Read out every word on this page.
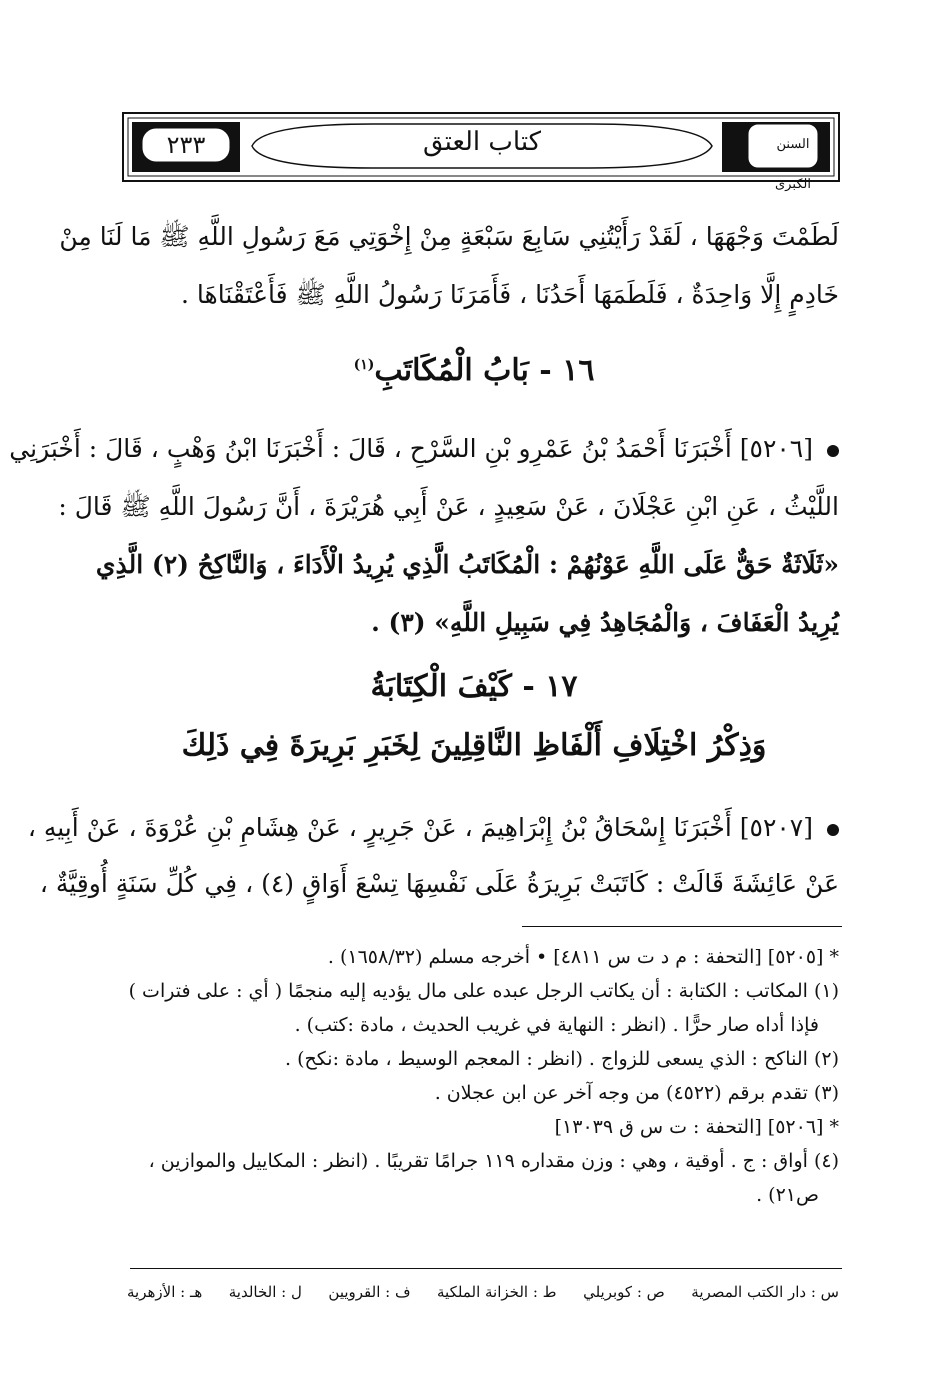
السنن الكبرى
كتاب العتق
٢٣٣
لَطَمْتَ وَجْهَهَا ، لَقَدْ رَأَيْتُنِي سَابِعَ سَبْعَةٍ مِنْ إِخْوَتِي مَعَ رَسُولِ اللَّهِ ﷺ مَا لَنَا مِنْ
خَادِمٍ إِلَّا وَاحِدَةٌ ، فَلَطَمَهَا أَحَدُنَا ، فَأَمَرَنَا رَسُولُ اللَّهِ ﷺ فَأَعْتَقْنَاهَا .
١٦ - بَابُ الْمُكَاتَبِ$^{(١)}$
[٥٢٠٦] أَخْبَرَنَا أَحْمَدُ بْنُ عَمْرِو بْنِ السَّرْحِ ، قَالَ : أَخْبَرَنَا ابْنُ وَهْبٍ ، قَالَ : أَخْبَرَنِي
اللَّيْثُ ، عَنِ ابْنِ عَجْلَانَ ، عَنْ سَعِيدٍ ، عَنْ أَبِي هُرَيْرَةَ ، أَنَّ رَسُولَ اللَّهِ ﷺ قَالَ :
«ثَلَاثَةٌ حَقٌّ عَلَى اللَّهِ عَوْنُهُمْ : الْمُكَاتَبُ الَّذِي يُرِيدُ الْأَدَاءَ ، وَالنَّاكِحُ (٢) الَّذِي
يُرِيدُ الْعَفَافَ ، وَالْمُجَاهِدُ فِي سَبِيلِ اللَّهِ» (٣) .
١٧ - كَيْفَ الْكِتَابَةُ
وَذِكْرُ اخْتِلَافِ أَلْفَاظِ النَّاقِلِينَ لِخَبَرِ بَرِيرَةَ فِي ذَلِكَ
[٥٢٠٧] أَخْبَرَنَا إِسْحَاقُ بْنُ إِبْرَاهِيمَ ، عَنْ جَرِيرٍ ، عَنْ هِشَامِ بْنِ عُرْوَةَ ، عَنْ أَبِيهِ ،
عَنْ عَائِشَةَ قَالَتْ : كَاتَبَتْ بَرِيرَةُ عَلَى نَفْسِهَا تِسْعَ أَوَاقٍ (٤) ، فِي كُلِّ سَنَةٍ أُوقِيَّةٌ ،
* [٥٢٠٥] [التحفة : م د ت س ٤٨١١] • أخرجه مسلم (١٦٥٨/٣٢) .
(١) المكاتب : الكتابة : أن يكاتب الرجل عبده على مال يؤديه إليه منجمًا ( أي : على فترات )
فإذا أداه صار حرًّا . (انظر : النهاية في غريب الحديث ، مادة :كتب) .
(٢) الناكح : الذي يسعى للزواج . (انظر : المعجم الوسيط ، مادة :نكح) .
(٣) تقدم برقم (٤٥٢٢) من وجه آخر عن ابن عجلان .
* [٥٢٠٦] [التحفة : ت س ق ١٣٠٣٩]
(٤) أواق : ج . أوقية ، وهي : وزن مقداره ١١٩ جرامًا تقريبًا . (انظر : المكاييل والموازين ،
ص٢١) .
س : دار الكتب المصرية
ص : كوبريلي
ط : الخزانة الملكية
ف : القرويين
ل : الخالدية
هـ : الأزهرية
